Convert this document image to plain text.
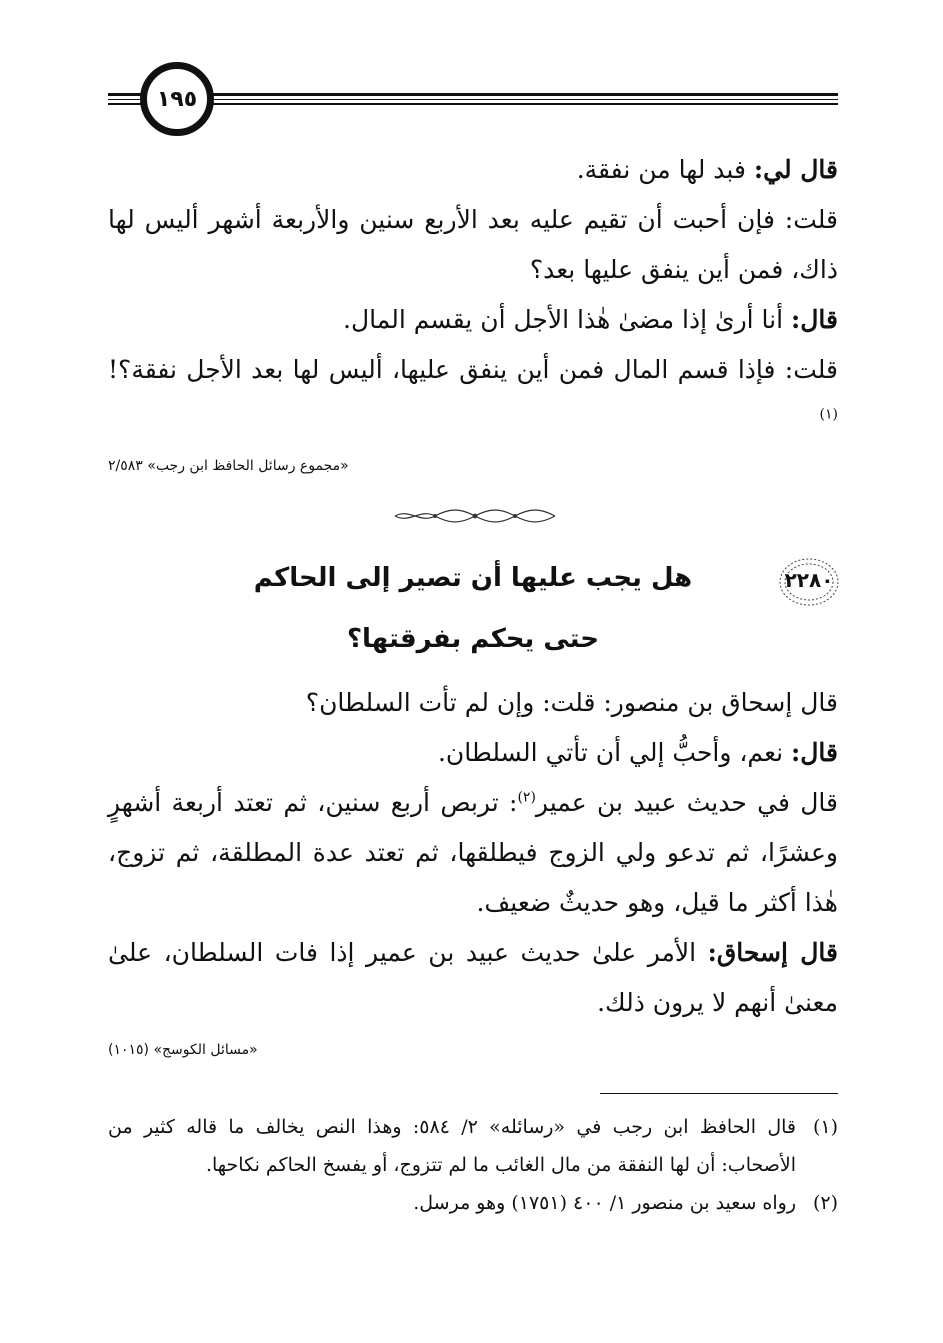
١٩٥

قال لي: فبد لها من نفقة.

قلت: فإن أحبت أن تقيم عليه بعد الأربع سنين والأربعة أشهر أليس لها ذاك، فمن أين ينفق عليها بعد؟

قال: أنا أرىٰ إذا مضىٰ هٰذا الأجل أن يقسم المال.

قلت: فإذا قسم المال فمن أين ينفق عليها، أليس لها بعد الأجل نفقة؟!$^{(١)}$

«مجموع رسائل الحافظ ابن رجب» ٢/٥٨٣
٢٢٨٠
هل يجب عليها أن تصير إلى الحاكم
حتى يحكم بفرقتها؟

قال إسحاق بن منصور: قلت: وإن لم تأت السلطان؟

قال: نعم، وأحبُّ إلي أن تأتي السلطان.

قال في حديث عبيد بن عمير$^{(٢)}$: تربص أربع سنين، ثم تعتد أربعة أشهرٍ وعشرًا، ثم تدعو ولي الزوج فيطلقها، ثم تعتد عدة المطلقة، ثم تزوج، هٰذا أكثر ما قيل، وهو حديثٌ ضعيف.

قال إسحاق: الأمر علىٰ حديث عبيد بن عمير إذا فات السلطان، علىٰ معنىٰ أنهم لا يرون ذلك.

«مسائل الكوسج» (١٠١٥)
(١)
قال الحافظ ابن رجب في «رسائله» ٢/ ٥٨٤: وهذا النص يخالف ما قاله كثير من الأصحاب: أن لها النفقة من مال الغائب ما لم تتزوج، أو يفسخ الحاكم نكاحها.
(٢)
رواه سعيد بن منصور ١/ ٤٠٠ (١٧٥١) وهو مرسل.
